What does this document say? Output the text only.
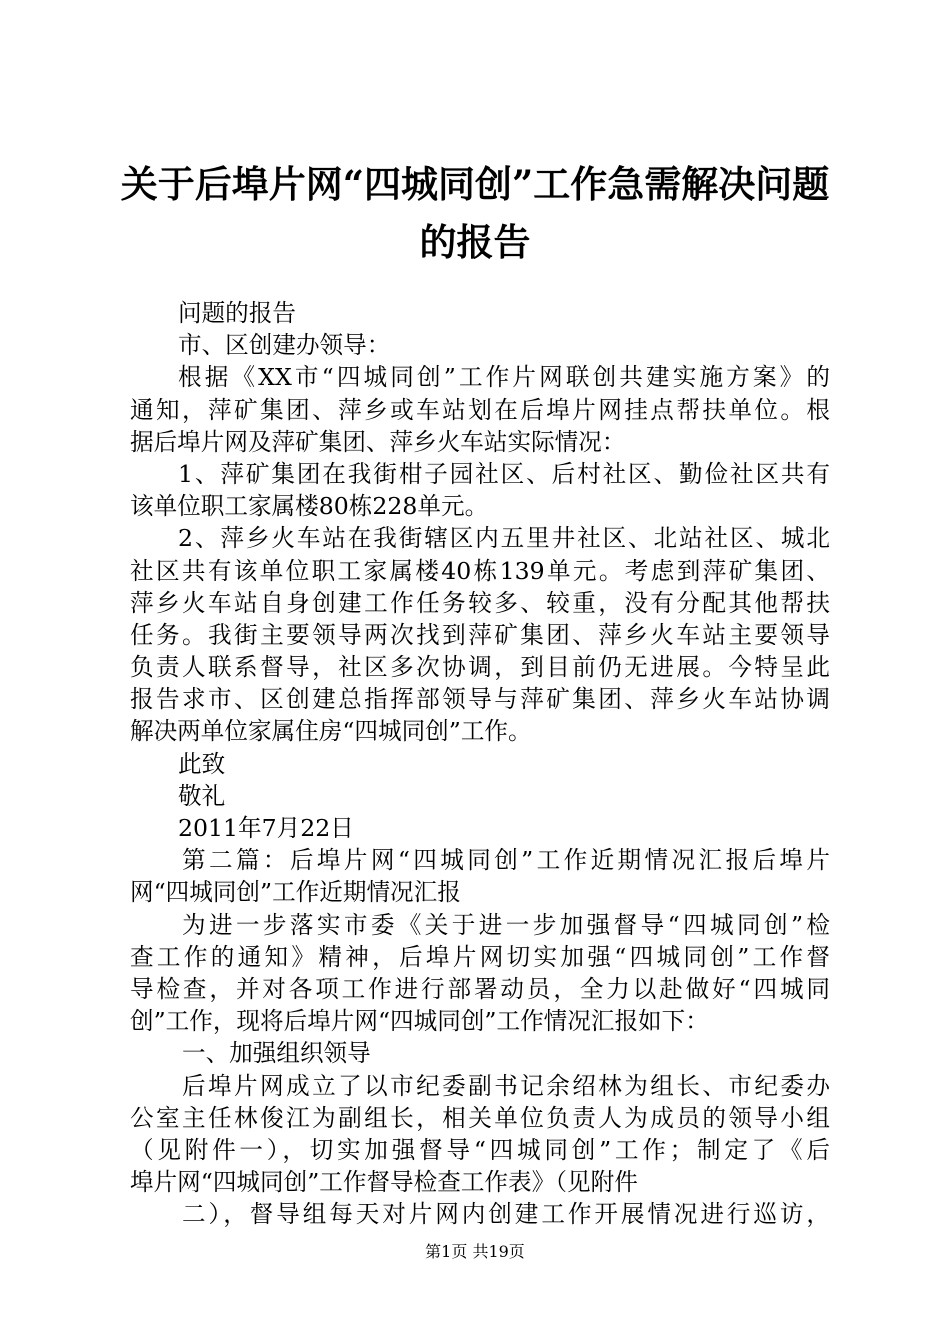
关于后埠片网“四城同创”工作急需解决问题
的报告
问题的报告
市、区创建办领导：
根据《XX市“四城同创”工作片网联创共建实施方案》的
通知，萍矿集团、萍乡或车站划在后埠片网挂点帮扶单位。根
据后埠片网及萍矿集团、萍乡火车站实际情况：
1、萍矿集团在我街柑子园社区、后村社区、勤俭社区共有
该单位职工家属楼80栋228单元。
2、萍乡火车站在我街辖区内五里井社区、北站社区、城北
社区共有该单位职工家属楼40栋139单元。考虑到萍矿集团、
萍乡火车站自身创建工作任务较多、较重，没有分配其他帮扶
任务。我街主要领导两次找到萍矿集团、萍乡火车站主要领导
负责人联系督导，社区多次协调，到目前仍无进展。今特呈此
报告求市、区创建总指挥部领导与萍矿集团、萍乡火车站协调
解决两单位家属住房“四城同创”工作。
此致
敬礼
2011年7月22日
第二篇：后埠片网“四城同创”工作近期情况汇报后埠片
网“四城同创”工作近期情况汇报
为进一步落实市委《关于进一步加强督导“四城同创”检
查工作的通知》精神，后埠片网切实加强“四城同创”工作督
导检查，并对各项工作进行部署动员，全力以赴做好“四城同
创”工作，现将后埠片网“四城同创”工作情况汇报如下：
一、加强组织领导
后埠片网成立了以市纪委副书记余绍林为组长、市纪委办
公室主任林俊江为副组长，相关单位负责人为成员的领导小组
（见附件一），切实加强督导“四城同创”工作；制定了《后
埠片网“四城同创”工作督导检查工作表》（见附件
二），督导组每天对片网内创建工作开展情况进行巡访，
第1页 共19页
